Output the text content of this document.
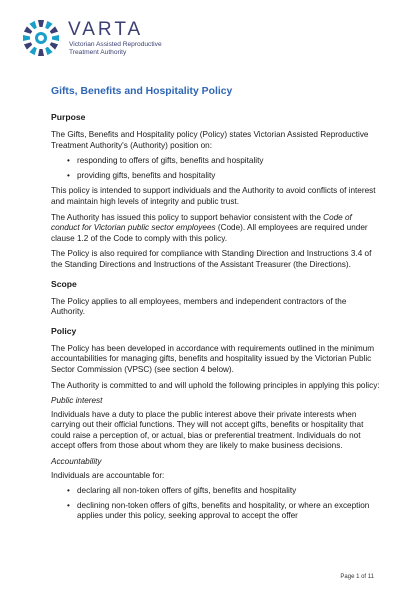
VARTA
Victorian Assisted Reproductive
Treatment Authority
Gifts, Benefits and Hospitality Policy
Purpose

The Gifts, Benefits and Hospitality policy (Policy) states Victorian Assisted Reproductive Treatment Authority's (Authority) position on:

• responding to offers of gifts, benefits and hospitality
• providing gifts, benefits and hospitality

This policy is intended to support individuals and the Authority to avoid conflicts of interest and maintain high levels of integrity and public trust.

The Authority has issued this policy to support behavior consistent with the Code of conduct for Victorian public sector employees (Code). All employees are required under clause 1.2 of the Code to comply with this policy.

The Policy is also required for compliance with Standing Direction and Instructions 3.4 of the Standing Directions and Instructions of the Assistant Treasurer (the Directions).

Scope

The Policy applies to all employees, members and independent contractors of the Authority.

Policy

The Policy has been developed in accordance with requirements outlined in the minimum accountabilities for managing gifts, benefits and hospitality issued by the Victorian Public Sector Commission (VPSC) (see section 4 below).

The Authority is committed to and will uphold the following principles in applying this policy:

Public interest

Individuals have a duty to place the public interest above their private interests when carrying out their official functions. They will not accept gifts, benefits or hospitality that could raise a perception of, or actual, bias or preferential treatment. Individuals do not accept offers from those about whom they are likely to make business decisions.

Accountability

Individuals are accountable for:

• declaring all non-token offers of gifts, benefits and hospitality
• declining non-token offers of gifts, benefits and hospitality, or where an exception applies under this policy, seeking approval to accept the offer
Page 1 of 11
